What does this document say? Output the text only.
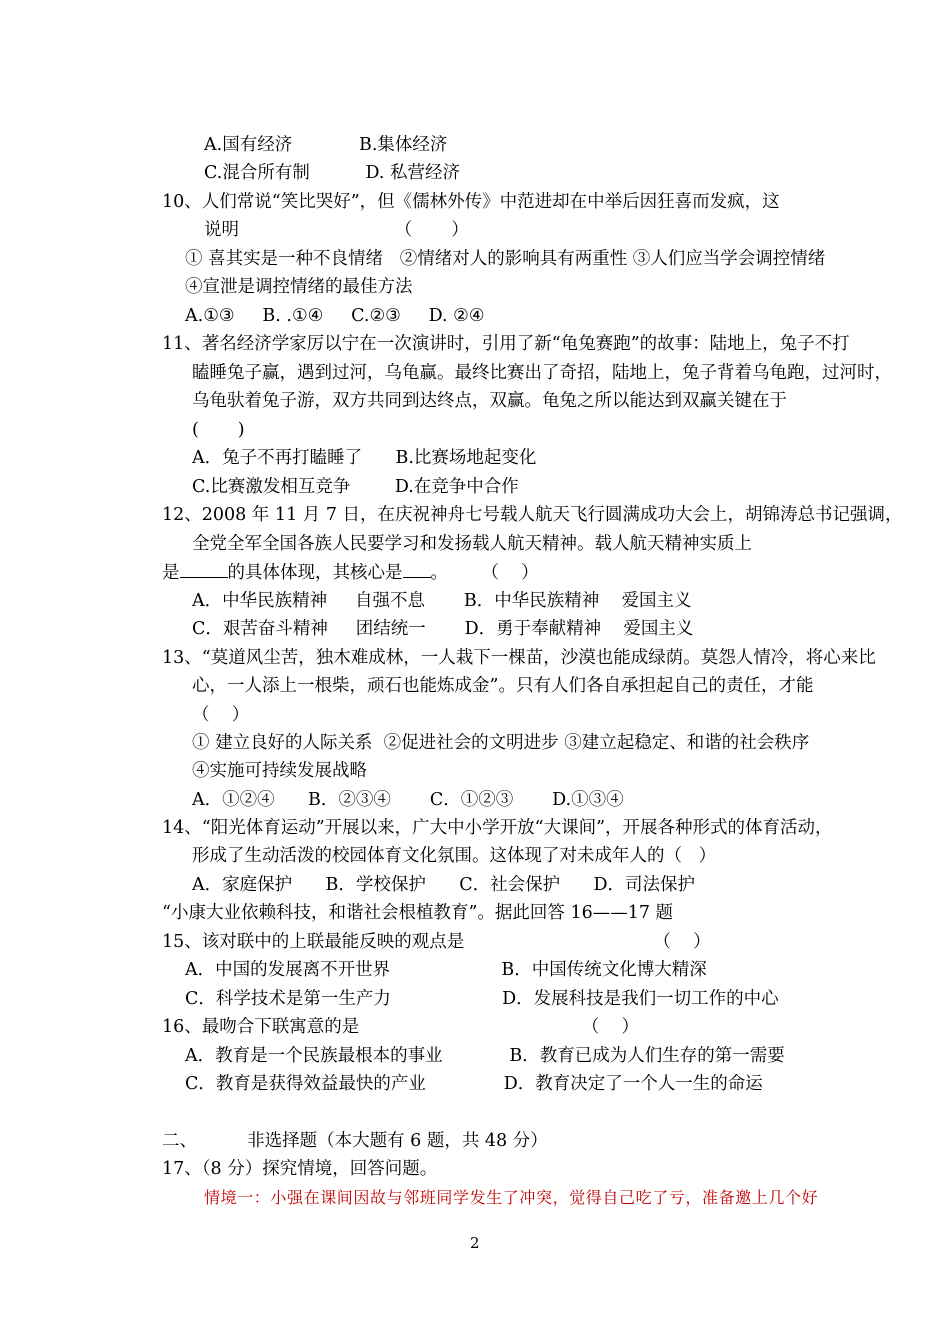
A.国有经济            B.集体经济
C.混合所有制          D. 私营经济
10、人们常说“笑比哭好”，但《儒林外传》中范进却在中举后因狂喜而发疯，这
说明                            （       ）
① 喜其实是一种不良情绪   ②情绪对人的影响具有两重性 ③人们应当学会调控情绪
④宣泄是调控情绪的最佳方法
A.①③     B. .①④     C.②③     D. ②④
11、著名经济学家厉以宁在一次演讲时，引用了新“龟兔赛跑”的故事：陆地上，兔子不打
瞌睡兔子赢，遇到过河，乌龟赢。最终比赛出了奇招，陆地上，兔子背着乌龟跑，过河时，
乌龟驮着兔子游，双方共同到达终点，双赢。龟兔之所以能达到双赢关键在于
(       )
A．兔子不再打瞌睡了      B.比赛场地起变化
C.比赛激发相互竞争        D.在竞争中合作
12、2008 年 11 月 7 日，在庆祝神舟七号载人航天飞行圆满成功大会上，胡锦涛总书记强调，
全党全军全国各族人民要学习和发扬载人航天精神。载人航天精神实质上
是	的具体体现，其核心是 。      （    ）
A．中华民族精神     自强不息       B．中华民族精神    爱国主义
C．艰苦奋斗精神     团结统一       D．勇于奉献精神    爱国主义
13、“莫道风尘苦，独木难成林，一人栽下一棵苗，沙漠也能成绿荫。莫怨人情冷，将心来比
心，一人添上一根柴，顽石也能炼成金”。只有人们各自承担起自己的责任，才能
（    ）
① 建立良好的人际关系  ②促进社会的文明进步 ③建立起稳定、和谐的社会秩序
④实施可持续发展战略
A．①②④      B．②③④       C．①②③       D.①③④
14、“阳光体育运动”开展以来，广大中小学开放“大课间”，开展各种形式的体育活动，
形成了生动活泼的校园体育文化氛围。这体现了对未成年人的（   ）
A．家庭保护      B．学校保护      C．社会保护      D．司法保护
“小康大业依赖科技，和谐社会根植教育”。据此回答 16——17 题
15、该对联中的上联最能反映的观点是                                  （    ）
A．中国的发展离不开世界                    B．中国传统文化博大精深
C．科学技术是第一生产力                    D．发展科技是我们一切工作的中心
16、最吻合下联寓意的是                                        （    ）
A．教育是一个民族最根本的事业            B．教育已成为人们生存的第一需要
C．教育是获得效益最快的产业              D．教育决定了一个人一生的命运
二、         非选择题（本大题有 6 题，共 48 分）
17、（8 分）探究情境，回答问题。
情境一：小强在课间因故与邻班同学发生了冲突，觉得自己吃了亏，准备邀上几个好
2
